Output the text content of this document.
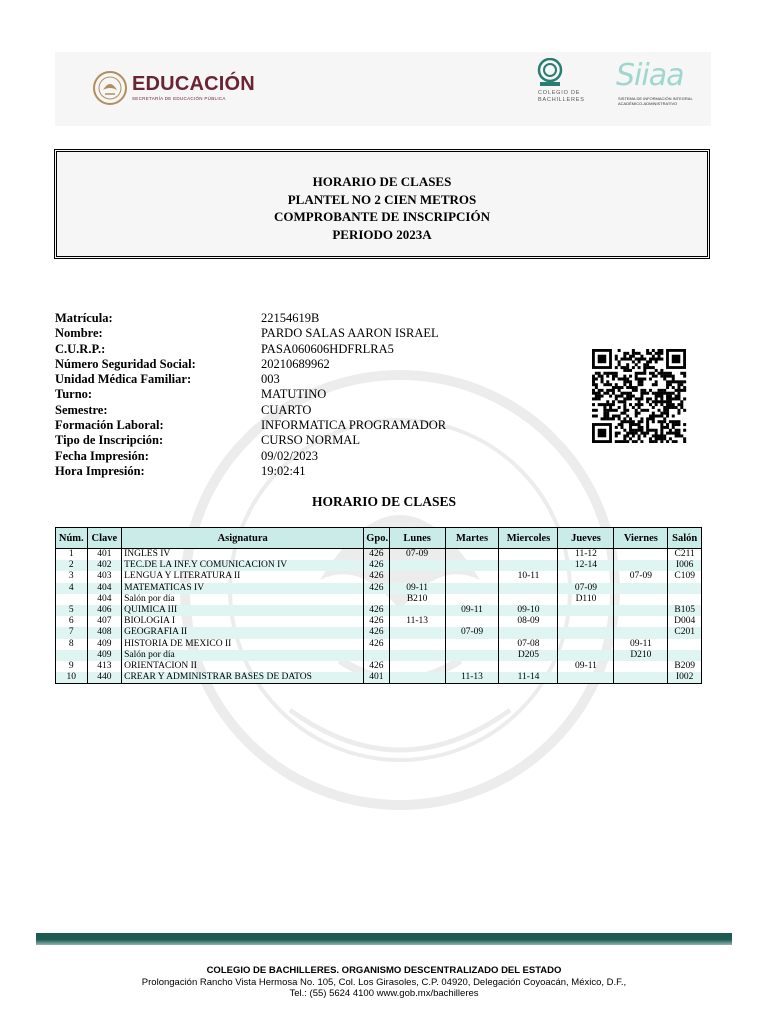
EDUCACIÓN
SECRETARÍA DE EDUCACIÓN PÚBLICA
COLEGIO DE BACHILLERES
Siiaa
SISTEMA DE INFORMACIÓN INTEGRAL ACADÉMICO-ADMINISTRATIVO
HORARIO DE CLASES
PLANTEL NO 2 CIEN METROS
COMPROBANTE DE INSCRIPCIÓN
PERIODO 2023A
Matrícula:	22154619B
Nombre:	PARDO SALAS AARON ISRAEL
C.U.R.P.:	PASA060606HDFRLRA5
Número Seguridad Social:	20210689962
Unidad Médica Familiar:	003
Turno:	MATUTINO
Semestre:	CUARTO
Formación Laboral:	INFORMATICA PROGRAMADOR
Tipo de Inscripción:	CURSO NORMAL
Fecha Impresión:	09/02/2023
Hora Impresión:	19:02:41
HORARIO DE CLASES
Núm.	Clave	Asignatura	Gpo.	Lunes	Martes	Miercoles	Jueves	Viernes	Salón
1	401	INGLES IV	426	07-09			11-12		C211
2	402	TEC.DE LA INF.Y COMUNICACION IV	426				12-14		I006
3	403	LENGUA Y LITERATURA II	426			10-11		07-09	C109
4	404	MATEMATICAS IV	426	09-11			07-09		
	404	Salón por día		B210			D110		
5	406	QUIMICA III	426		09-11	09-10			B105
6	407	BIOLOGIA I	426	11-13		08-09			D004
7	408	GEOGRAFIA II	426		07-09				C201
8	409	HISTORIA DE MEXICO II	426			07-08		09-11	
	409	Salón por día				D205		D210	
9	413	ORIENTACION II	426				09-11		B209
10	440	CREAR Y ADMINISTRAR BASES DE DATOS	401		11-13	11-14			I002
COLEGIO DE BACHILLERES. ORGANISMO DESCENTRALIZADO DEL ESTADO
Prolongación Rancho Vista Hermosa No. 105, Col. Los Girasoles, C.P. 04920, Delegación Coyoacán, México, D.F.,
Tel.: (55) 5624 4100 www.gob.mx/bachilleres
